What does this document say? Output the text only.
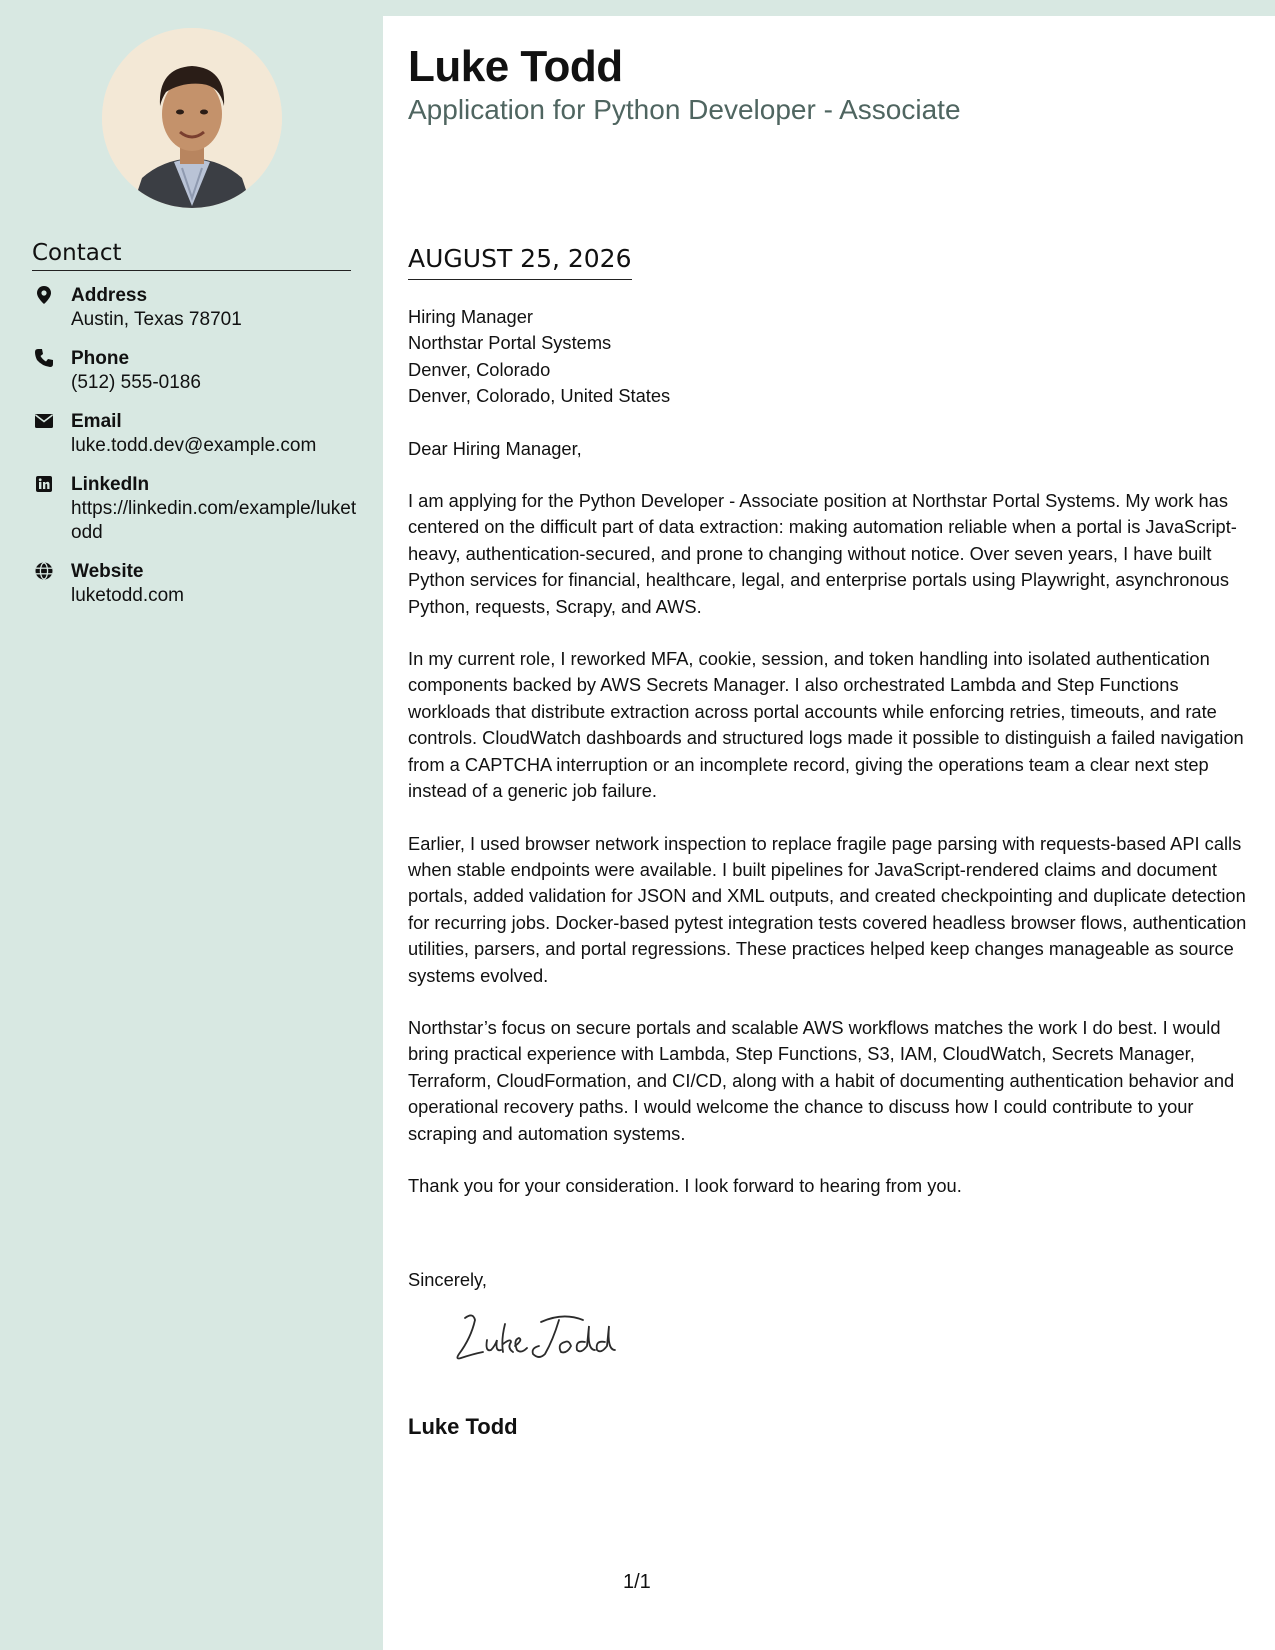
Contact
Address
Austin, Texas 78701
Phone
(512) 555-0186
Email
luke.todd.dev@example.com
LinkedIn
https://linkedin.com/example/luketodd
Website
luketodd.com
Luke Todd
Application for Python Developer - Associate
AUGUST 25, 2026

Hiring Manager
Northstar Portal Systems
Denver, Colorado
Denver, Colorado, United States

Dear Hiring Manager,

I am applying for the Python Developer - Associate position at Northstar Portal Systems. My work has centered on the difficult part of data extraction: making automation reliable when a portal is JavaScript-heavy, authentication-secured, and prone to changing without notice. Over seven years, I have built Python services for financial, healthcare, legal, and enterprise portals using Playwright, asynchronous Python, requests, Scrapy, and AWS.

In my current role, I reworked MFA, cookie, session, and token handling into isolated authentication components backed by AWS Secrets Manager. I also orchestrated Lambda and Step Functions workloads that distribute extraction across portal accounts while enforcing retries, timeouts, and rate controls. CloudWatch dashboards and structured logs made it possible to distinguish a failed navigation from a CAPTCHA interruption or an incomplete record, giving the operations team a clear next step instead of a generic job failure.

Earlier, I used browser network inspection to replace fragile page parsing with requests-based API calls when stable endpoints were available. I built pipelines for JavaScript-rendered claims and document portals, added validation for JSON and XML outputs, and created checkpointing and duplicate detection for recurring jobs. Docker-based pytest integration tests covered headless browser flows, authentication utilities, parsers, and portal regressions. These practices helped keep changes manageable as source systems evolved.

Northstar’s focus on secure portals and scalable AWS workflows matches the work I do best. I would bring practical experience with Lambda, Step Functions, S3, IAM, CloudWatch, Secrets Manager, Terraform, CloudFormation, and CI/CD, along with a habit of documenting authentication behavior and operational recovery paths. I would welcome the chance to discuss how I could contribute to your scraping and automation systems.

Thank you for your consideration. I look forward to hearing from you.

Sincerely,
Luke Todd
1/1
